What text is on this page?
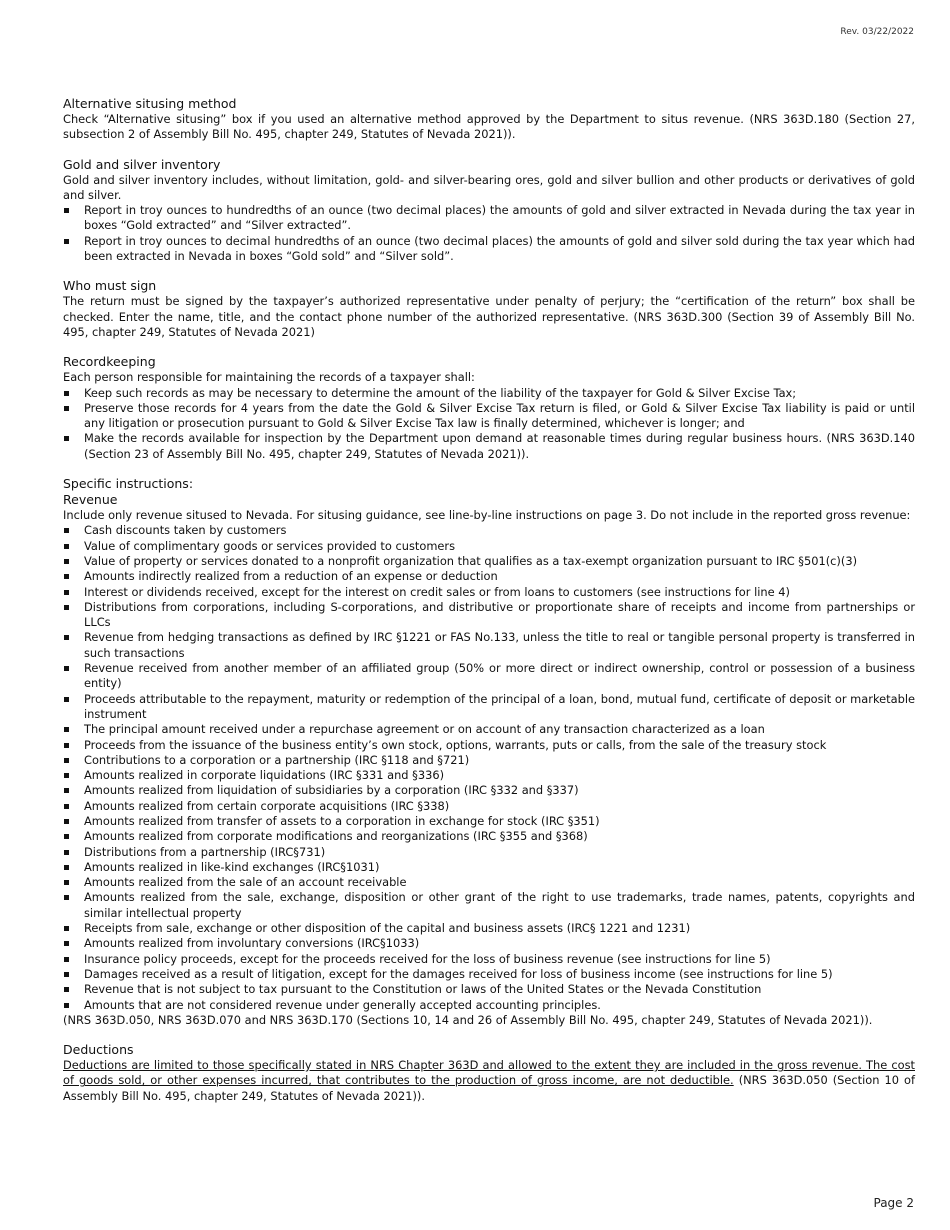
Rev. 03/22/2022
Alternative situsing method

Check “Alternative situsing” box if you used an alternative method approved by the Department to situs revenue. (NRS 363D.180 (Section 27, subsection 2 of Assembly Bill No. 495, chapter 249, Statutes of Nevada 2021)).

Gold and silver inventory

Gold and silver inventory includes, without limitation, gold- and silver-bearing ores, gold and silver bullion and other products or derivatives of gold and silver.

Report in troy ounces to hundredths of an ounce (two decimal places) the amounts of gold and silver extracted in Nevada during the tax year in boxes “Gold extracted” and “Silver extracted”.
Report in troy ounces to decimal hundredths of an ounce (two decimal places) the amounts of gold and silver sold during the tax year which had been extracted in Nevada in boxes “Gold sold” and “Silver sold”.
Who must sign

The return must be signed by the taxpayer’s authorized representative under penalty of perjury; the “certification of the return” box shall be checked. Enter the name, title, and the contact phone number of the authorized representative. (NRS 363D.300 (Section 39 of Assembly Bill No. 495, chapter 249, Statutes of Nevada 2021)

Recordkeeping

Each person responsible for maintaining the records of a taxpayer shall:

Keep such records as may be necessary to determine the amount of the liability of the taxpayer for Gold & Silver Excise Tax;
Preserve those records for 4 years from the date the Gold & Silver Excise Tax return is filed, or Gold & Silver Excise Tax liability is paid or until any litigation or prosecution pursuant to Gold & Silver Excise Tax law is finally determined, whichever is longer; and
Make the records available for inspection by the Department upon demand at reasonable times during regular business hours. (NRS 363D.140 (Section 23 of Assembly Bill No. 495, chapter 249, Statutes of Nevada 2021)).
Specific instructions:
Revenue

Include only revenue sitused to Nevada. For situsing guidance, see line-by-line instructions on page 3. Do not include in the reported gross revenue:

Cash discounts taken by customers
Value of complimentary goods or services provided to customers
Value of property or services donated to a nonprofit organization that qualifies as a tax-exempt organization pursuant to IRC §501(c)(3)
Amounts indirectly realized from a reduction of an expense or deduction
Interest or dividends received, except for the interest on credit sales or from loans to customers (see instructions for line 4)
Distributions from corporations, including S-corporations, and distributive or proportionate share of receipts and income from partnerships or LLCs
Revenue from hedging transactions as defined by IRC §1221 or FAS No.133, unless the title to real or tangible personal property is transferred in such transactions
Revenue received from another member of an affiliated group (50% or more direct or indirect ownership, control or possession of a business entity)
Proceeds attributable to the repayment, maturity or redemption of the principal of a loan, bond, mutual fund, certificate of deposit or marketable instrument
The principal amount received under a repurchase agreement or on account of any transaction characterized as a loan
Proceeds from the issuance of the business entity’s own stock, options, warrants, puts or calls, from the sale of the treasury stock
Contributions to a corporation or a partnership (IRC §118 and §721)
Amounts realized in corporate liquidations (IRC §331 and §336)
Amounts realized from liquidation of subsidiaries by a corporation (IRC §332 and §337)
Amounts realized from certain corporate acquisitions (IRC §338)
Amounts realized from transfer of assets to a corporation in exchange for stock (IRC §351)
Amounts realized from corporate modifications and reorganizations (IRC §355 and §368)
Distributions from a partnership (IRC§731)
Amounts realized in like-kind exchanges (IRC§1031)
Amounts realized from the sale of an account receivable
Amounts realized from the sale, exchange, disposition or other grant of the right to use trademarks, trade names, patents, copyrights and similar intellectual property
Receipts from sale, exchange or other disposition of the capital and business assets (IRC§ 1221 and 1231)
Amounts realized from involuntary conversions (IRC§1033)
Insurance policy proceeds, except for the proceeds received for the loss of business revenue (see instructions for line 5)
Damages received as a result of litigation, except for the damages received for loss of business income (see instructions for line 5)
Revenue that is not subject to tax pursuant to the Constitution or laws of the United States or the Nevada Constitution
Amounts that are not considered revenue under generally accepted accounting principles.

(NRS 363D.050, NRS 363D.070 and NRS 363D.170 (Sections 10, 14 and 26 of Assembly Bill No. 495, chapter 249, Statutes of Nevada 2021)).

Deductions

Deductions are limited to those specifically stated in NRS Chapter 363D and allowed to the extent they are included in the gross revenue. The cost of goods sold, or other expenses incurred, that contributes to the production of gross income, are not deductible. (NRS 363D.050 (Section 10 of Assembly Bill No. 495, chapter 249, Statutes of Nevada 2021)).

Page 2
